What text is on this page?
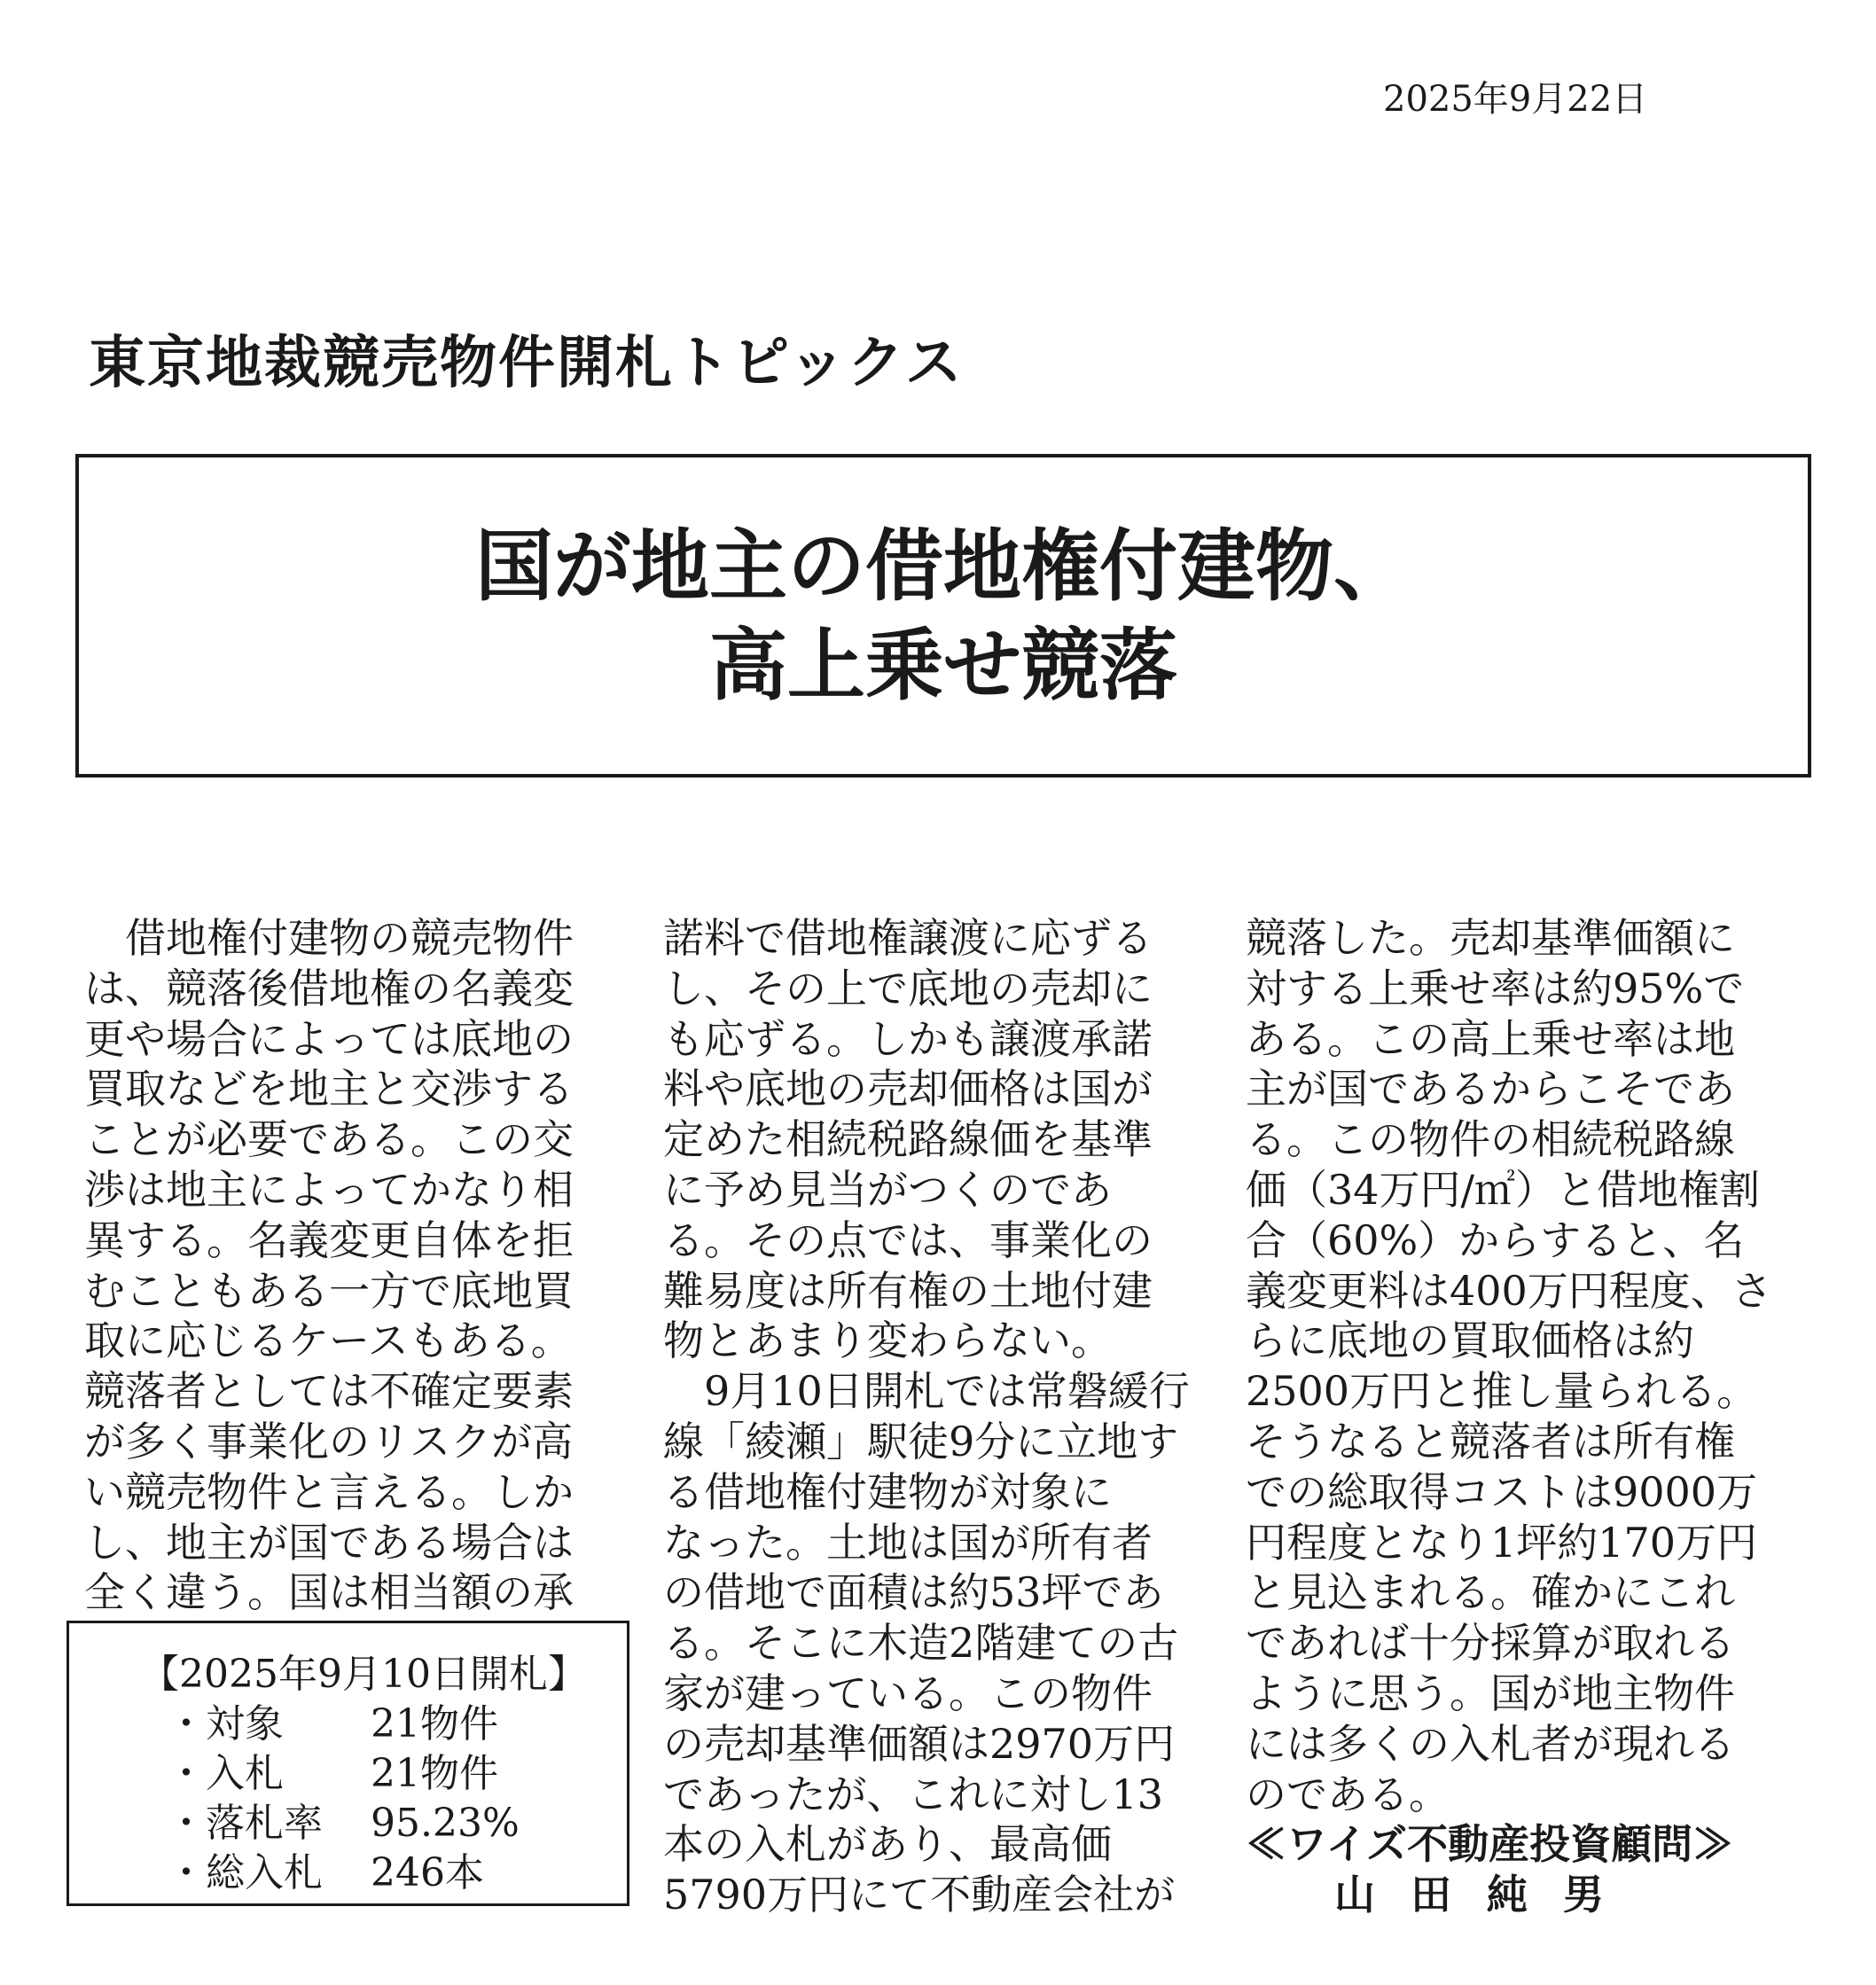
2025年9月22日
東京地裁競売物件開札トピックス
国が地主の借地権付建物、
高上乗せ競落
　借地権付建物の競売物件
は、競落後借地権の名義変
更や場合によっては底地の
買取などを地主と交渉する
ことが必要である。この交
渉は地主によってかなり相
異する。名義変更自体を拒
むこともある一方で底地買
取に応じるケースもある。
競落者としては不確定要素
が多く事業化のリスクが高
い競売物件と言える。しか
し、地主が国である場合は
全く違う。国は相当額の承
諾料で借地権譲渡に応ずる
し、その上で底地の売却に
も応ずる。しかも譲渡承諾
料や底地の売却価格は国が
定めた相続税路線価を基準
に予め見当がつくのであ
る。その点では、事業化の
難易度は所有権の土地付建
物とあまり変わらない。
　9月10日開札では常磐緩行
線「綾瀬」駅徒9分に立地す
る借地権付建物が対象に
なった。土地は国が所有者
の借地で面積は約53坪であ
る。そこに木造2階建ての古
家が建っている。この物件
の売却基準価額は2970万円
であったが、これに対し13
本の入札があり、最高価
5790万円にて不動産会社が
競落した。売却基準価額に
対する上乗せ率は約95%で
ある。この高上乗せ率は地
主が国であるからこそであ
る。この物件の相続税路線
価（34万円/㎡）と借地権割
合（60%）からすると、名
義変更料は400万円程度、さ
らに底地の買取価格は約
2500万円と推し量られる。
そうなると競落者は所有権
での総取得コストは9000万
円程度となり1坪約170万円
と見込まれる。確かにこれ
であれば十分採算が取れる
ように思う。国が地主物件
には多くの入札者が現れる
のである。
≪ワイズ不動産投資顧問≫
山田純男
【2025年9月10日開札】
・対象	21物件
・入札	21物件
・落札率	95.23%
・総入札	246本
